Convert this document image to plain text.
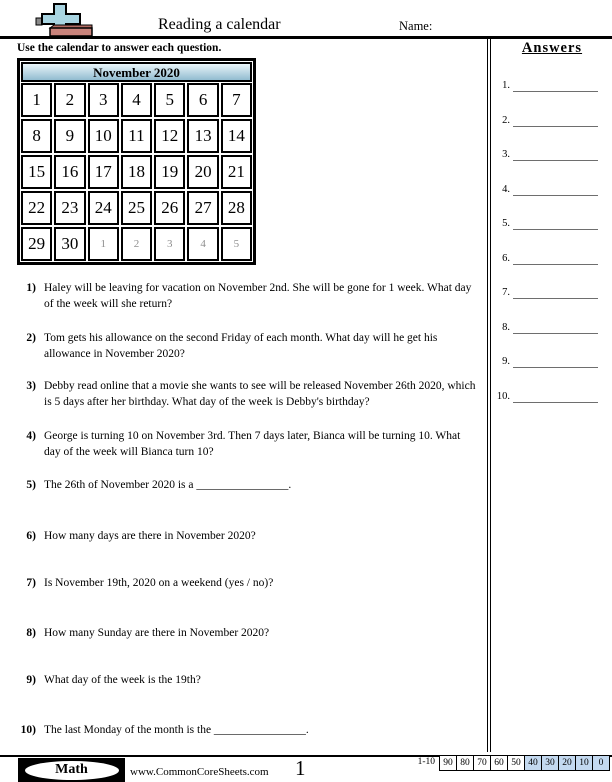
Reading a calendar	Name:
Use the calendar to answer each question.
November 2020
1	2	3	4	5	6	7
8	9	10 11 12 13 14
15 16 17 18 19 20 21
22 23 24 25 26 27 28
29 30	1	2	3	4	5
1) Haley will be leaving for vacation on November 2nd. She will be gone for 1 week. What day of the week will she return?
2) Tom gets his allowance on the second Friday of each month. What day will he get his allowance in November 2020?
3) Debby read online that a movie she wants to see will be released November 26th 2020, which is 5 days after her birthday. What day of the week is Debby's birthday?
4) George is turning 10 on November 3rd. Then 7 days later, Bianca will be turning 10. What day of the week will Bianca turn 10?
5) The 26th of November 2020 is a ________________.
6) How many days are there in November 2020?
7) Is November 19th, 2020 on a weekend (yes / no)?
8) How many Sunday are there in November 2020?
9) What day of the week is the 19th?
10) The last Monday of the month is the ________________.
Answers
1.
2.
3.
4.
5.
6.
7.
8.
9.
10.
Math	www.CommonCoreSheets.com 1	1-10 90 80 70 60 50 40 30 20 10 0
